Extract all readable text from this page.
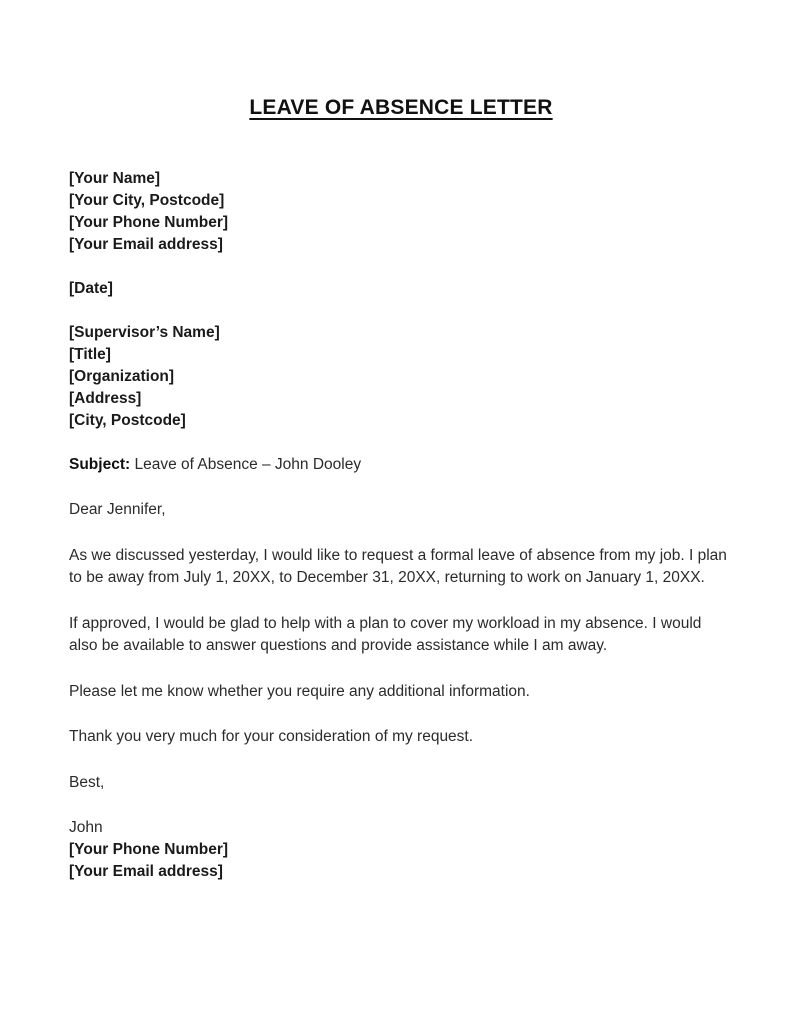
LEAVE OF ABSENCE LETTER
[Your Name]
[Your City, Postcode]
[Your Phone Number]
[Your Email address]
[Date]
[Supervisor’s Name]
[Title]
[Organization]
[Address]
[City, Postcode]
Subject: Leave of Absence – John Dooley
Dear Jennifer,
As we discussed yesterday, I would like to request a formal leave of absence from my job. I plan to be away from July 1, 20XX, to December 31, 20XX, returning to work on January 1, 20XX.
If approved, I would be glad to help with a plan to cover my workload in my absence. I would also be available to answer questions and provide assistance while I am away.
Please let me know whether you require any additional information.
Thank you very much for your consideration of my request.
Best,
John
[Your Phone Number]
[Your Email address]
